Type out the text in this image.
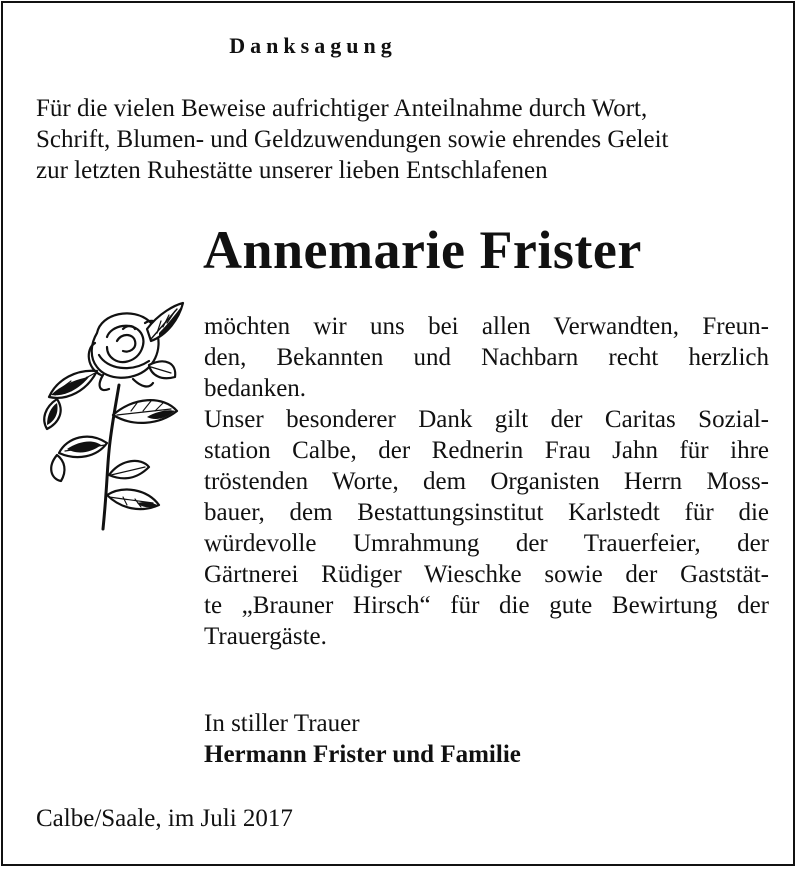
Danksagung
Für die vielen Beweise aufrichtiger Anteilnahme durch Wort,
Schrift, Blumen- und Geldzuwendungen sowie ehrendes Geleit
zur letzten Ruhestätte unserer lieben Entschlafenen
Annemarie Frister
möchten wir uns bei allen Verwandten, Freun-
den, Bekannten und Nachbarn recht herzlich
bedanken.
Unser besonderer Dank gilt der Caritas Sozial-
station Calbe, der Rednerin Frau Jahn für ihre
tröstenden Worte, dem Organisten Herrn Moss-
bauer, dem Bestattungsinstitut Karlstedt für die
würdevolle Umrahmung der Trauerfeier, der
Gärtnerei Rüdiger Wieschke sowie der Gaststät-
te „Brauner Hirsch“ für die gute Bewirtung der
Trauergäste.
In stiller Trauer
Hermann Frister und Familie
Calbe/Saale, im Juli 2017
